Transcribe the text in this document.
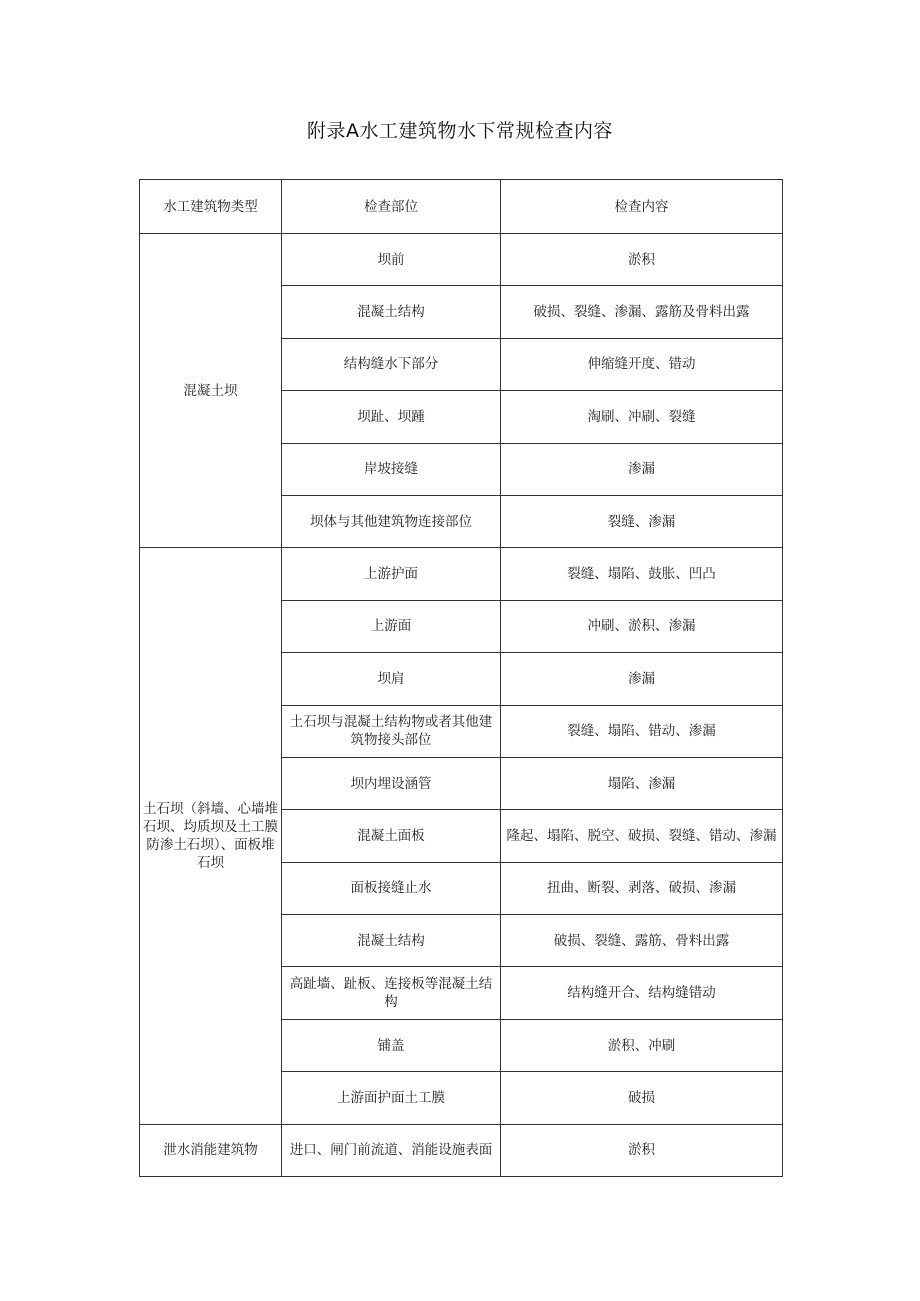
附录A水工建筑物水下常规检查内容
水工建筑物类型	检查部位	检查内容
混凝土坝	坝前	淤积
	混凝土结构	破损、裂缝、渗漏、露筋及骨料出露
	结构缝水下部分	伸缩缝开度、错动
	坝趾、坝踵	淘刷、冲刷、裂缝
	岸坡接缝	渗漏
	坝体与其他建筑物连接部位	裂缝、渗漏
土石坝（斜墙、心墙堆石坝、均质坝及土工膜防渗土石坝）、面板堆石坝	上游护面	裂缝、塌陷、鼓胀、凹凸
	上游面	冲刷、淤积、渗漏
	坝肩	渗漏
	土石坝与混凝土结构物或者其他建筑物接头部位	裂缝、塌陷、错动、渗漏
	坝内埋设涵管	塌陷、渗漏
	混凝土面板	隆起、塌陷、脱空、破损、裂缝、错动、渗漏
	面板接缝止水	扭曲、断裂、剥落、破损、渗漏
	混凝土结构	破损、裂缝、露筋、骨料出露
	高趾墙、趾板、连接板等混凝土结构	结构缝开合、结构缝错动
	铺盖	淤积、冲刷
	上游面护面土工膜	破损
泄水消能建筑物	进口、闸门前流道、消能设施表面	淤积
